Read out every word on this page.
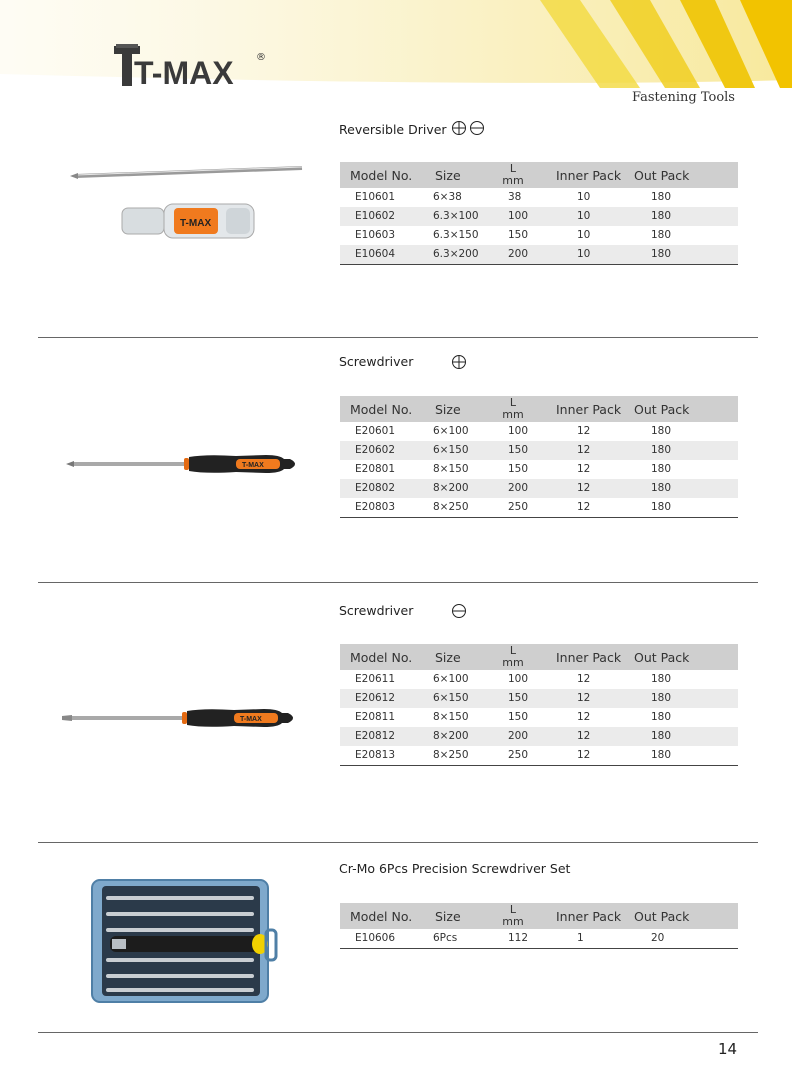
T-MAX ®
Fastening Tools
Reversible Driver
T-MAX
Model No. Size	L
mm	Inner Pack Out Pack
E10601	6×38	38	10	180
E10602	6.3×100	100	10	180
E10603	6.3×150	150	10	180
E10604	6.3×200	200	10	180
Screwdriver
T-MAX
Model No. Size	L
mm	Inner Pack Out Pack
E20601	6×100	100	12	180
E20602	6×150	150	12	180
E20801	8×150	150	12	180
E20802	8×200	200	12	180
E20803	8×250	250	12	180
Screwdriver
T-MAX
Model No. Size	L
mm	Inner Pack Out Pack
E20611	6×100	100	12	180
E20612	6×150	150	12	180
E20811	8×150	150	12	180
E20812	8×200	200	12	180
E20813	8×250	250	12	180
Cr-Mo 6Pcs Precision Screwdriver Set
Model No. Size	L
mm	Inner Pack Out Pack
E10606	6Pcs	112	1	20
14
